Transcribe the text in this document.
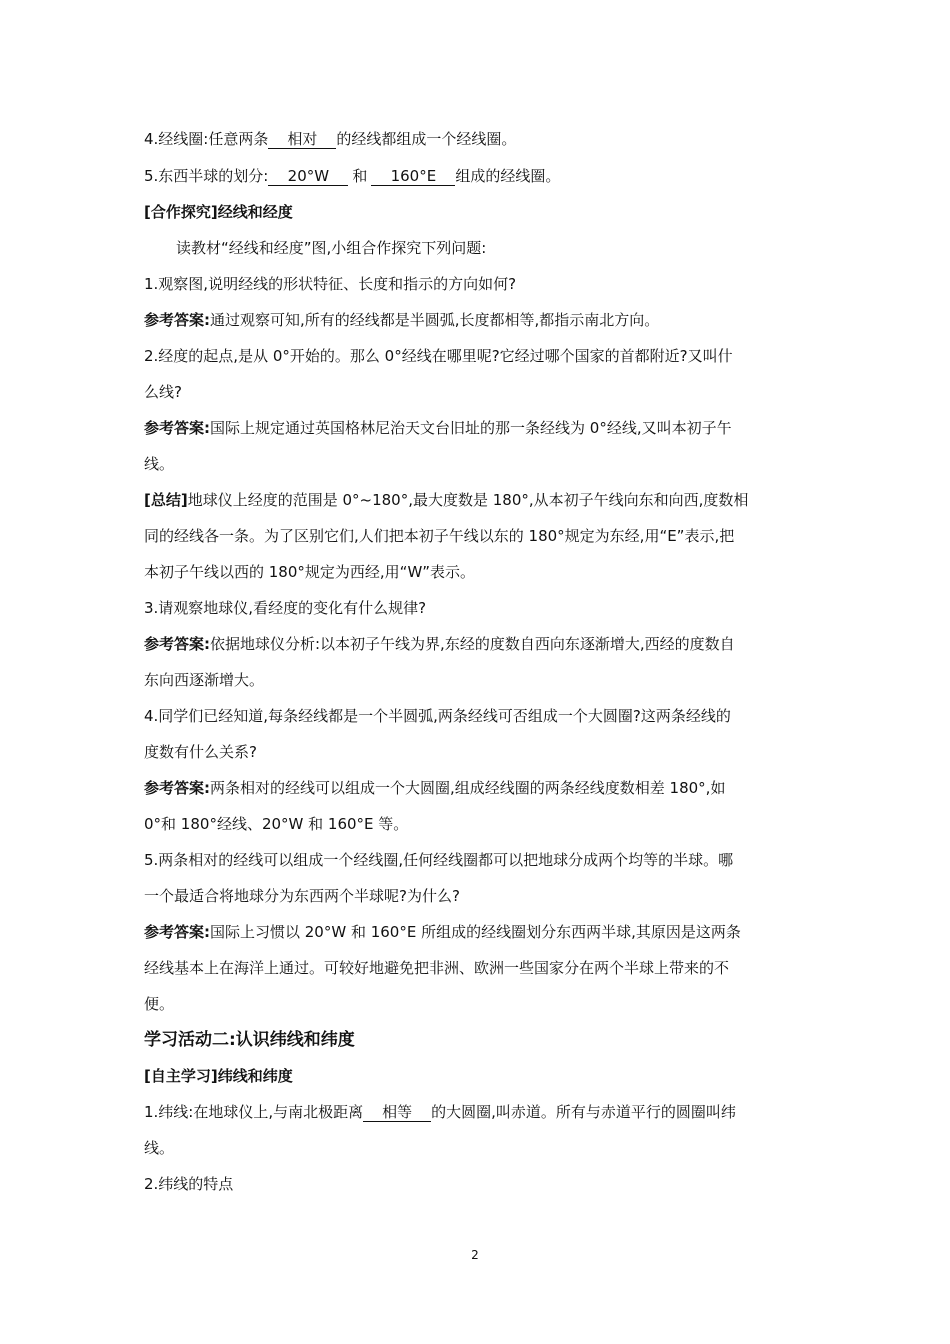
4.经线圈:任意两条	相对	的经线都组成一个经线圈。
5.东西半球的划分:	20°W	和	160°E	组成的经线圈。
[合作探究] 经线和经度
读教材“经线和经度”图,小组合作探究下列问题:
1.观察图,说明经线的形状特征、长度和指示的方向如何?
参考答案: 通过观察可知,所有的经线都是半圆弧,长度都相等,都指示南北方向。
2.经度的起点,是从 0°开始的。那么 0°经线在哪里呢?它经过哪个国家的首都附近?又叫什
么线?
参考答案: 国际上规定通过英国格林尼治天文台旧址的那一条经线为 0°经线,又叫本初子午
线。
[总结] 地球仪上经度的范围是 0°~180°,最大度数是 180°,从本初子午线向东和向西,度数相
同的经线各一条。为了区别它们,人们把本初子午线以东的 180°规定为东经,用“E”表示,把
本初子午线以西的 180°规定为西经,用“W”表示。
3.请观察地球仪,看经度的变化有什么规律?
参考答案: 依据地球仪分析:以本初子午线为界,东经的度数自西向东逐渐增大,西经的度数自
东向西逐渐增大。
4.同学们已经知道,每条经线都是一个半圆弧,两条经线可否组成一个大圆圈?这两条经线的
度数有什么关系?
参考答案: 两条相对的经线可以组成一个大圆圈,组成经线圈的两条经线度数相差 180°,如
0°和 180°经线、20°W 和 160°E 等。
5.两条相对的经线可以组成一个经线圈,任何经线圈都可以把地球分成两个均等的半球。哪
一个最适合将地球分为东西两个半球呢?为什么?
参考答案: 国际上习惯以 20°W 和 160°E 所组成的经线圈划分东西两半球,其原因是这两条
经线基本上在海洋上通过。可较好地避免把非洲、欧洲一些国家分在两个半球上带来的不
便。
学习活动二:认识纬线和纬度
[自主学习] 纬线和纬度
1.纬线:在地球仪上,与南北极距离	相等	的大圆圈,叫赤道。所有与赤道平行的圆圈叫纬
线。
2.纬线的特点
2
